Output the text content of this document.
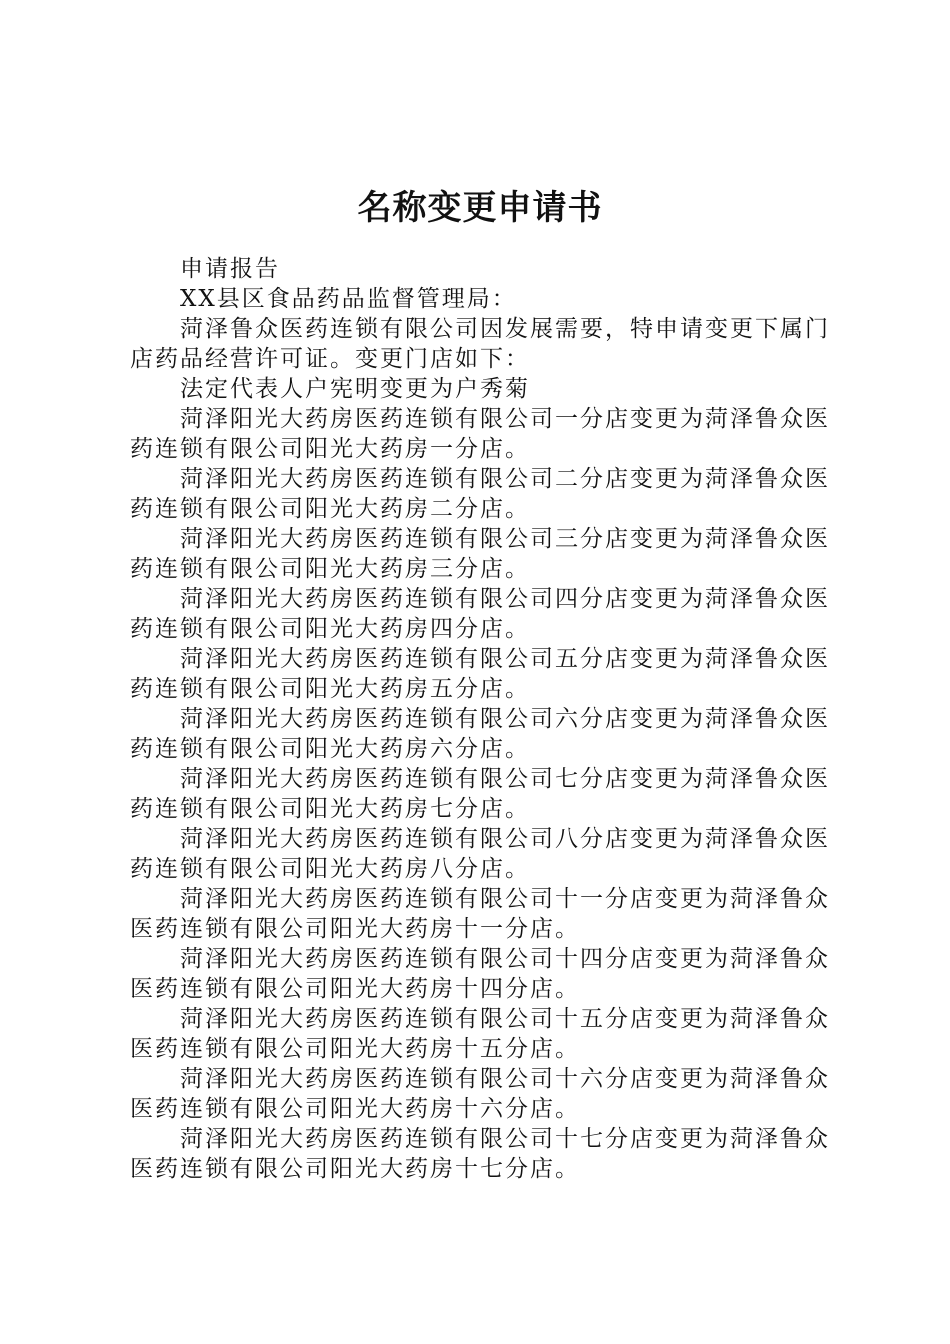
名称变更申请书

申请报告

XX县区食品药品监督管理局：

菏泽鲁众医药连锁有限公司因发展需要，特申请变更下属门店药品经营许可证。变更门店如下：

法定代表人户宪明变更为户秀菊

菏泽阳光大药房医药连锁有限公司一分店变更为菏泽鲁众医药连锁有限公司阳光大药房一分店。

菏泽阳光大药房医药连锁有限公司二分店变更为菏泽鲁众医药连锁有限公司阳光大药房二分店。

菏泽阳光大药房医药连锁有限公司三分店变更为菏泽鲁众医药连锁有限公司阳光大药房三分店。

菏泽阳光大药房医药连锁有限公司四分店变更为菏泽鲁众医药连锁有限公司阳光大药房四分店。

菏泽阳光大药房医药连锁有限公司五分店变更为菏泽鲁众医药连锁有限公司阳光大药房五分店。

菏泽阳光大药房医药连锁有限公司六分店变更为菏泽鲁众医药连锁有限公司阳光大药房六分店。

菏泽阳光大药房医药连锁有限公司七分店变更为菏泽鲁众医药连锁有限公司阳光大药房七分店。

菏泽阳光大药房医药连锁有限公司八分店变更为菏泽鲁众医药连锁有限公司阳光大药房八分店。

菏泽阳光大药房医药连锁有限公司十一分店变更为菏泽鲁众医药连锁有限公司阳光大药房十一分店。

菏泽阳光大药房医药连锁有限公司十四分店变更为菏泽鲁众医药连锁有限公司阳光大药房十四分店。

菏泽阳光大药房医药连锁有限公司十五分店变更为菏泽鲁众医药连锁有限公司阳光大药房十五分店。

菏泽阳光大药房医药连锁有限公司十六分店变更为菏泽鲁众医药连锁有限公司阳光大药房十六分店。

菏泽阳光大药房医药连锁有限公司十七分店变更为菏泽鲁众医药连锁有限公司阳光大药房十七分店。
